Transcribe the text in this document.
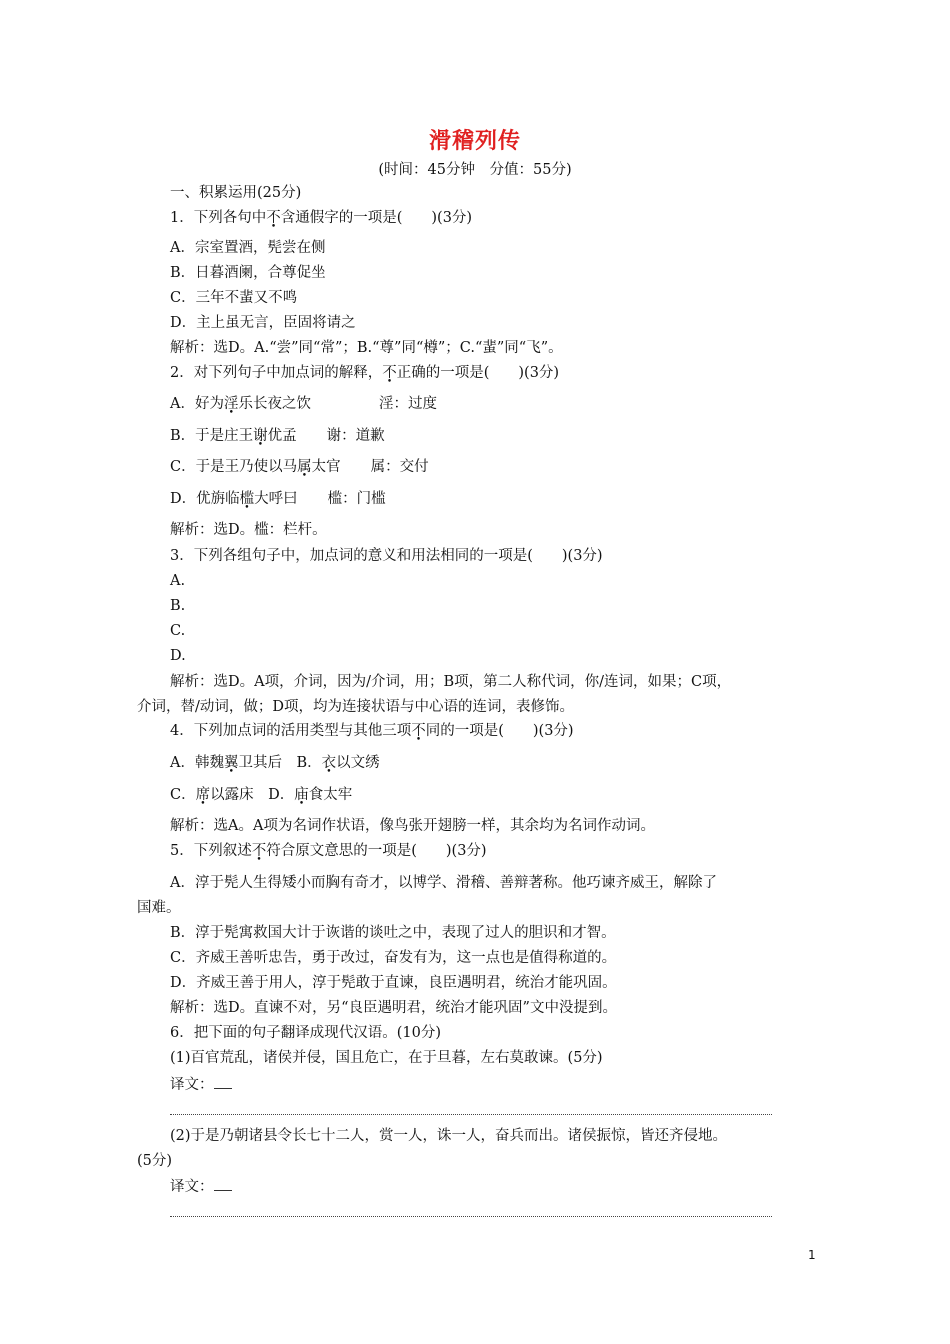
滑稽列传
(时间：45分钟　分值：55分)
一、积累运用(25分)
1．下列各句中不含通假字的一项是(　　)(3分)
A．宗室置酒，髡尝在侧
B．日暮酒阑，合尊促坐
C．三年不蜚又不鸣
D．主上虽无言，臣固将请之
解析：选D。A.“尝”同“常”；B.“尊”同“樽”；C.“蜚”同“飞”。
2．对下列句子中加点词的解释，不正确的一项是(　　)(3分)
A．好为淫乐长夜之饮	淫：过度
B．于是庄王谢优孟 谢：道歉
C．于是王乃使以马属太官 属：交付
D．优旃临槛大呼曰 槛：门槛
解析：选D。槛：栏杆。
3．下列各组句子中，加点词的意义和用法相同的一项是(　　)(3分)
A.
B.
C.
D.
解析：选D。A项，介词，因为/介词，用；B项，第二人称代词，你/连词，如果；C项，
介词，替/动词，做；D项，均为连接状语与中心语的连词，表修饰。
4．下列加点词的活用类型与其他三项不同的一项是(　　)(3分)
A．韩魏翼卫其后　B．衣以文绣
C．席以露床　D．庙食太牢
解析：选A。A项为名词作状语，像鸟张开翅膀一样，其余均为名词作动词。
5．下列叙述不符合原文意思的一项是(　　)(3分)
A．淳于髡人生得矮小而胸有奇才，以博学、滑稽、善辩著称。他巧谏齐威王，解除了
国难。
B．淳于髡寓救国大计于诙谐的谈吐之中，表现了过人的胆识和才智。
C．齐威王善听忠告，勇于改过，奋发有为，这一点也是值得称道的。
D．齐威王善于用人，淳于髡敢于直谏，良臣遇明君，统治才能巩固。
解析：选D。直谏不对，另“良臣遇明君，统治才能巩固”文中没提到。
6．把下面的句子翻译成现代汉语。(10分)
(1)百官荒乱，诸侯并侵，国且危亡，在于旦暮，左右莫敢谏。(5分)
译文：
(2)于是乃朝诸县令长七十二人，赏一人，诛一人，奋兵而出。诸侯振惊，皆还齐侵地。
(5分)
译文：
1
